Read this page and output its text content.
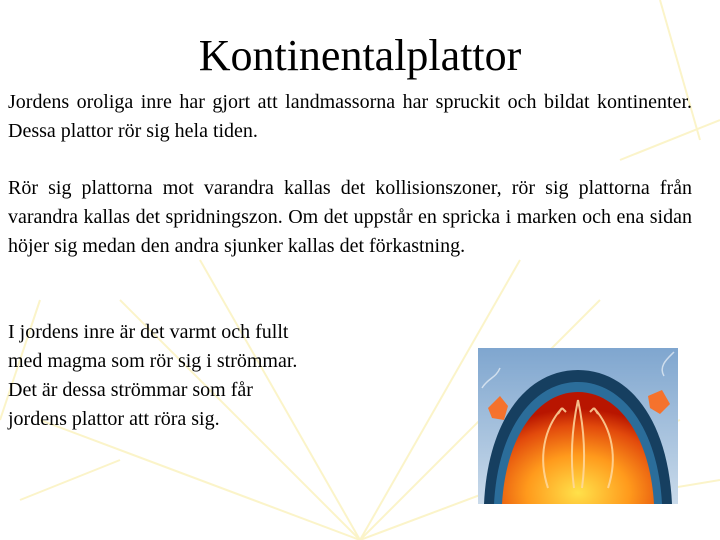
Kontinentalplattor

Jordens oroliga inre har gjort att landmassorna har spruckit och bildat kontinenter. Dessa plattor rör sig hela tiden.

Rör sig plattorna mot varandra kallas det kollisionszoner, rör sig plattorna från varandra kallas det spridningszon. Om det uppstår en spricka i marken och ena sidan höjer sig medan den andra sjunker kallas det förkastning.

I jordens inre är det varmt och fullt
med magma som rör sig i strömmar.
Det är dessa strömmar som får
jordens plattor att röra sig.
